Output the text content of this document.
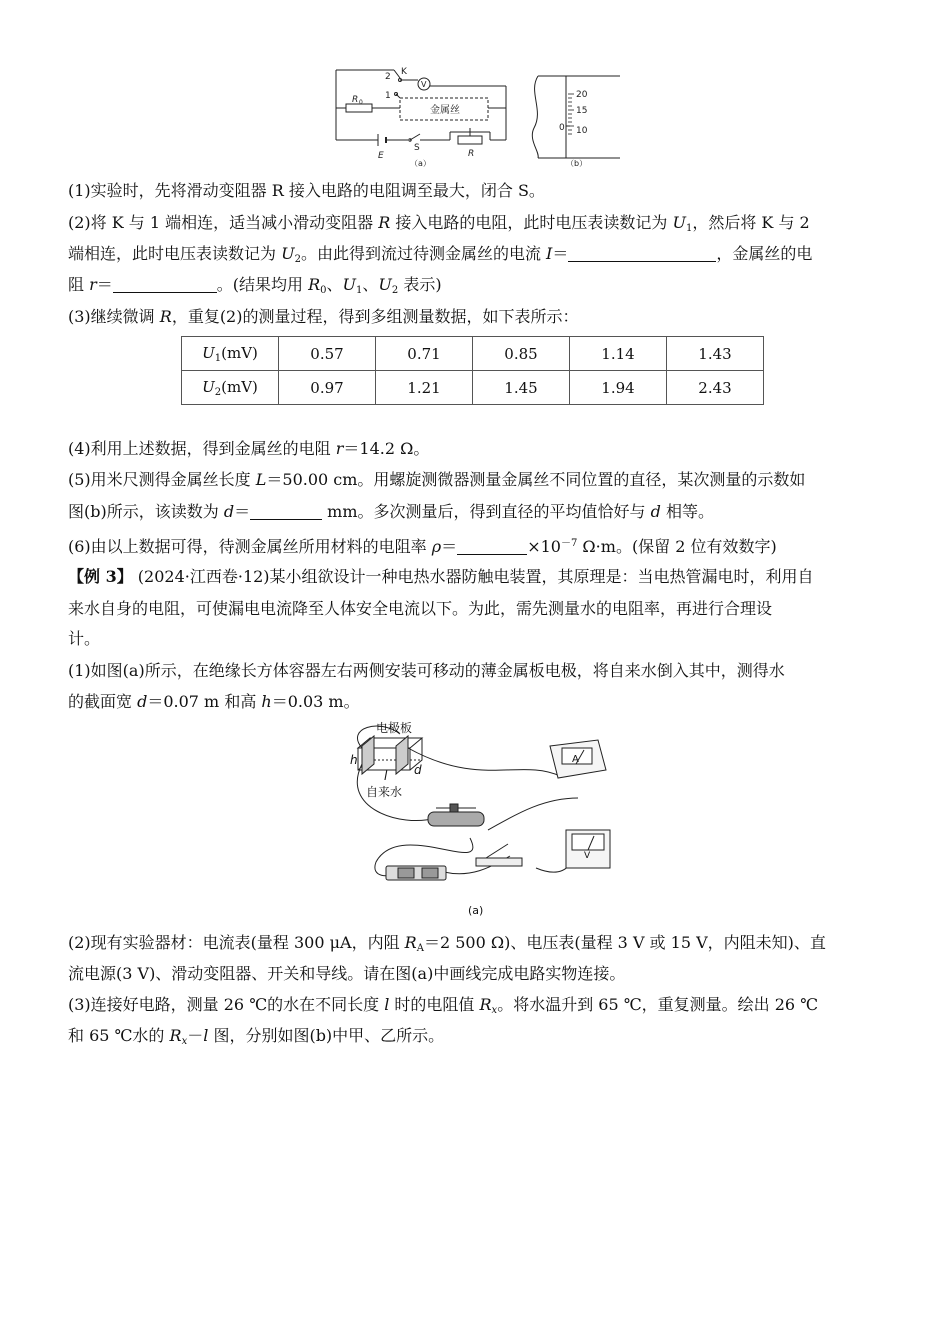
2 K
1
V
R 0
金属丝
E
S
R
（a）
20
15
10
0
（b）
(1)实验时，先将滑动变阻器 R 接入电路的电阻调至最大，闭合 S。
(2)将 K 与 1 端相连，适当减小滑动变阻器 R 接入电路的电阻，此时电压表读数记为 $U_1$，然后将 K 与 2
端相连，此时电压表读数记为 $U_2$。由此得到流过待测金属丝的电流 I＝	，金属丝的电
阻 r＝	。(结果均用 $R_0$、$U_1$、$U_2$ 表示)
(3)继续微调 R，重复(2)的测量过程，得到多组测量数据，如下表所示：
$U_1(mV)$	0.57	0.71	0.85	1.14	1.43
$U_2(mV)$	0.97	1.21	1.45	1.94	2.43
(4)利用上述数据，得到金属丝的电阻 r＝14.2 Ω。
(5)用米尺测得金属丝长度 L＝50.00 cm。用螺旋测微器测量金属丝不同位置的直径，某次测量的示数如
图(b)所示，该读数为 d＝	mm。多次测量后，得到直径的平均值恰好与 d 相等。
(6)由以上数据可得，待测金属丝所用材料的电阻率 ρ＝	$\times 10^{-7}$ Ω·m。(保留 2 位有效数字)
【例 3】 (2024·江西卷·12)某小组欲设计一种电热水器防触电装置，其原理是：当电热管漏电时，利用自
来水自身的电阻，可使漏电电流降至人体安全电流以下。为此，需先测量水的电阻率，再进行合理设
计。
(1)如图(a)所示，在绝缘长方体容器左右两侧安装可移动的薄金属板电极，将自来水倒入其中，测得水
的截面宽 d＝0.07 m 和高 h＝0.03 m。
电极板
h
l d
自来水
A
V
(a)
(2)现有实验器材：电流表(量程 300 μA，内阻 $R_A=2$ 500 Ω)、电压表(量程 3 V 或 15 V，内阻未知)、直
流电源(3 V)、滑动变阻器、开关和导线。请在图(a)中画线完成电路实物连接。
(3)连接好电路，测量 26 ℃的水在不同长度 l 时的电阻值 $R_x$。将水温升到 65 ℃，重复测量。绘出 26 ℃
和 65 ℃水的 $R_x-l$ 图，分别如图(b)中甲、乙所示。
